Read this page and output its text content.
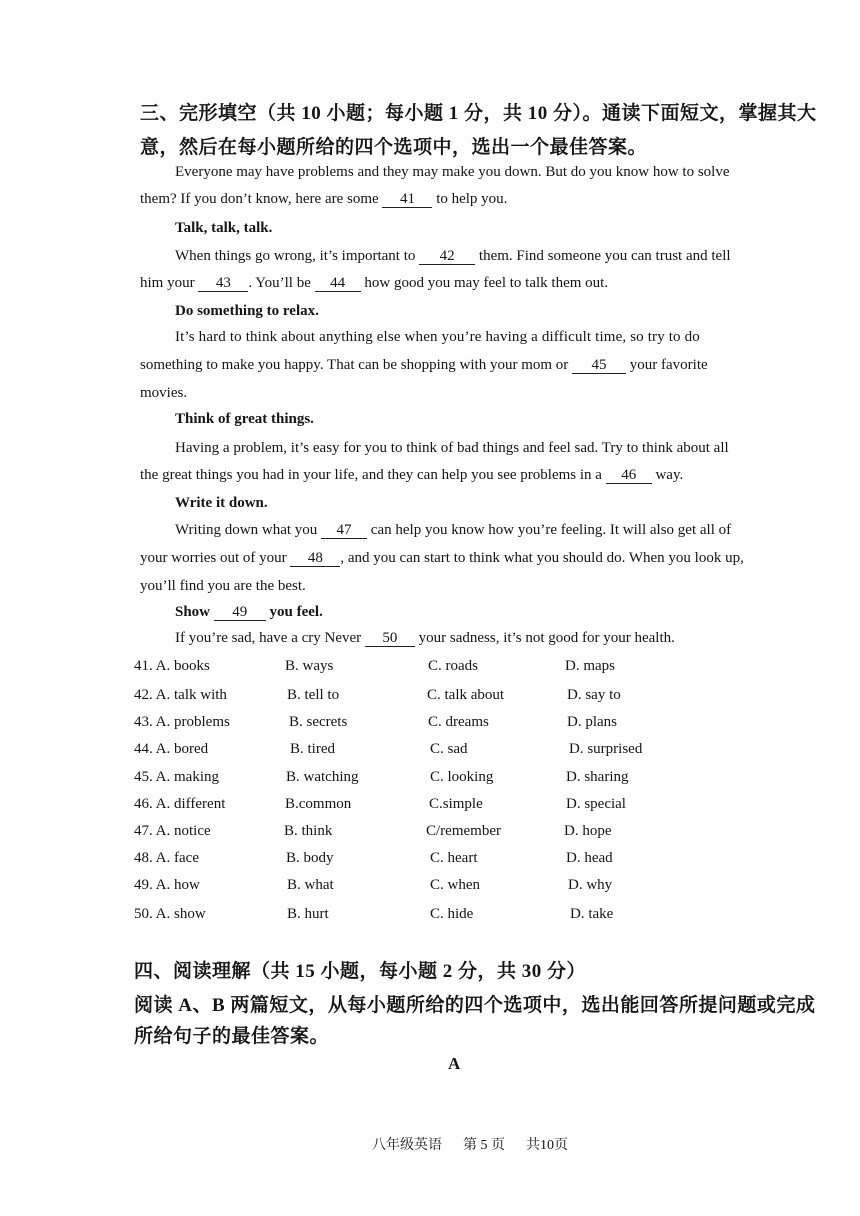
三、完形填空（共 10 小题；每小题 1 分，共 10 分）。通读下面短文，掌握其大
意，然后在每小题所给的四个选项中，选出一个最佳答案。
Everyone may have problems and they may make you down. But do you know how to solve
them? If you don’t know, here are some 41 to help you.
Talk, talk, talk.
When things go wrong, it’s important to 42 them. Find someone you can trust and tell
him your 43 . You’ll be 44 how good you may feel to talk them out.
Do something to relax.
It’s hard to think about anything else when you’re having a difficult time, so try to do
something to make you happy. That can be shopping with your mom or 45 your favorite
movies.
Think of great things.
Having a problem, it’s easy for you to think of bad things and feel sad. Try to think about all
the great things you had in your life, and they can help you see problems in a 46 way.
Write it down.
Writing down what you 47 can help you know how you’re feeling. It will also get all of
your worries out of your 48 , and you can start to think what you should do. When you look up,
you’ll find you are the best.
Show 49 you feel.
If you’re sad, have a cry Never 50 your sadness, it’s not good for your health.
41. A. books	B. ways	C. roads	D. maps
42. A. talk with	B. tell to	C. talk about	D. say to
43. A. problems	B. secrets	C. dreams	D. plans
44. A. bored	B. tired	C. sad	D. surprised
45. A. making	B. watching	C. looking	D. sharing
46. A. different	B.common	C.simple	D. special
47. A. notice	B. think	C/remember	D. hope
48. A. face	B. body	C. heart	D. head
49. A. how	B. what	C. when	D. why
50. A. show	B. hurt	C. hide	D. take
四、阅读理解（共 15 小题，每小题 2 分，共 30 分）
阅读 A、B 两篇短文，从每小题所给的四个选项中，选出能回答所提问题或完成
所给句子的最佳答案。
A
八年级英语 第 5 页 共10页
